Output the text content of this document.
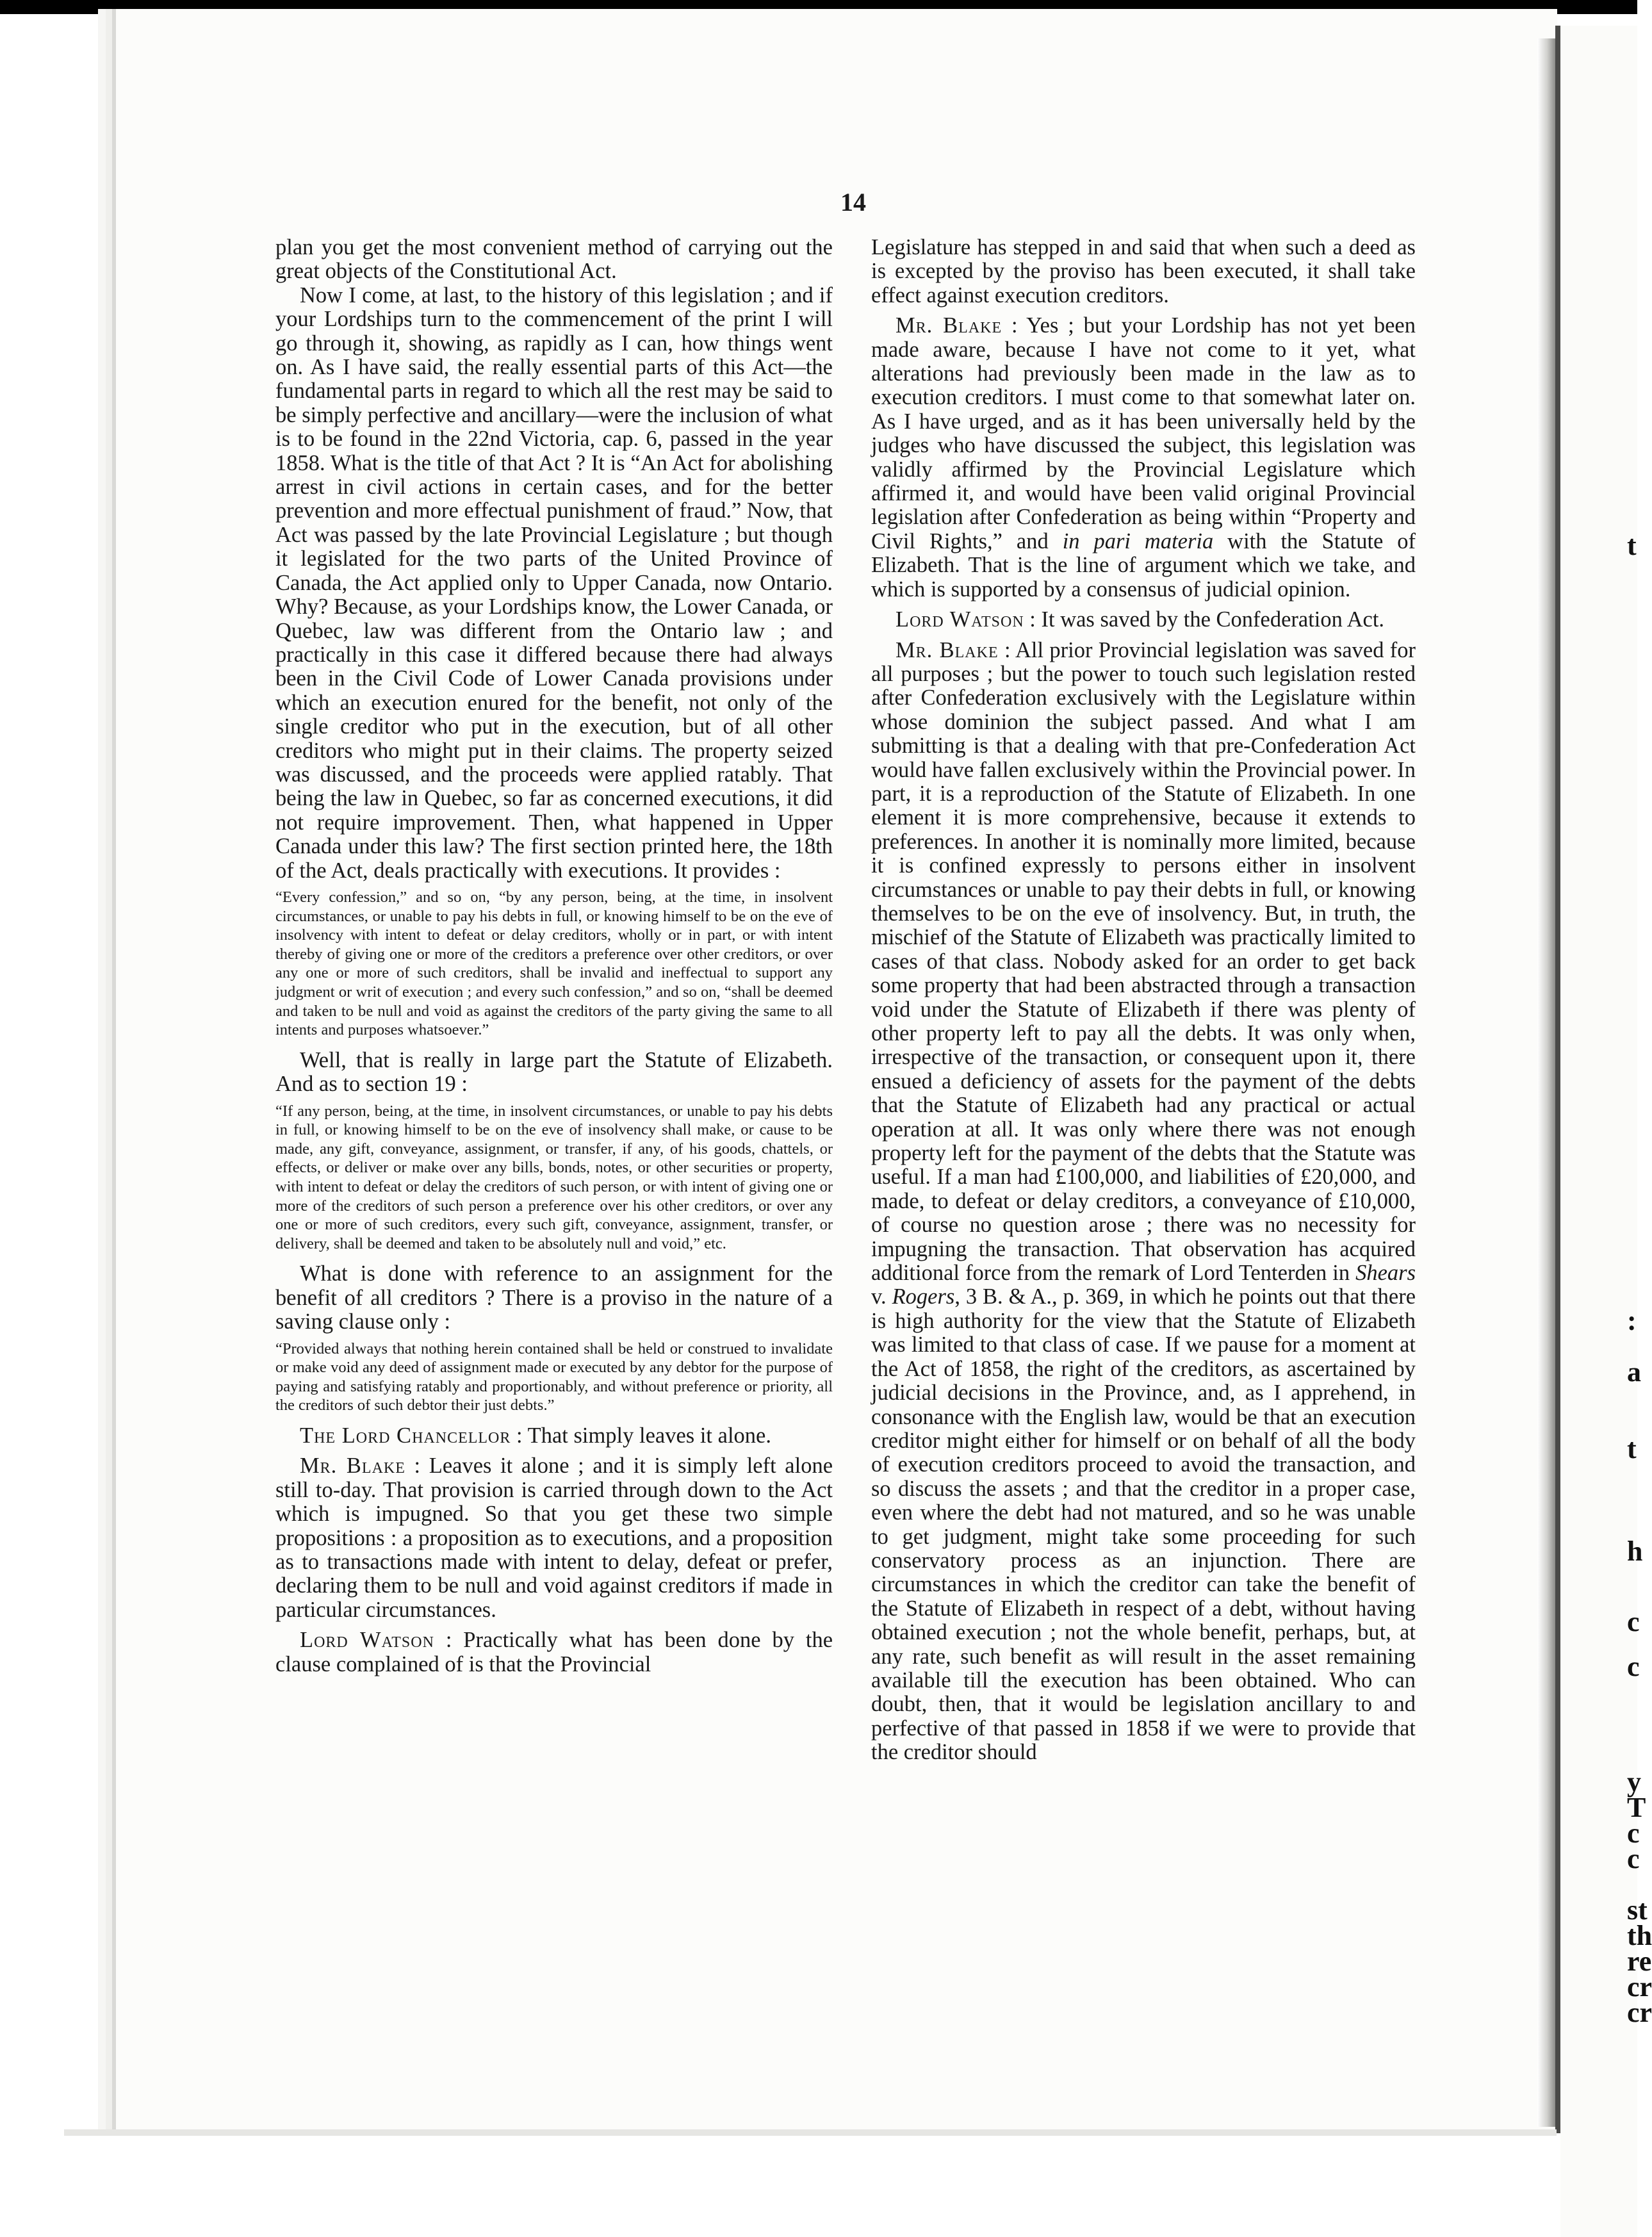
t
:
a
t
h
c
c
y
T
c
c
st
th
re
cr
cr
14

plan you get the most convenient method of carrying out the great objects of the Constitutional Act.

Now I come, at last, to the history of this legislation ; and if your Lordships turn to the commencement of the print I will go through it, showing, as rapidly as I can, how things went on. As I have said, the really essential parts of this Act—the fundamental parts in regard to which all the rest may be said to be simply perfective and ancillary—were the inclusion of what is to be found in the 22nd Victoria, cap. 6, passed in the year 1858. What is the title of that Act ? It is “An Act for abolishing arrest in civil actions in certain cases, and for the better prevention and more effectual punishment of fraud.” Now, that Act was passed by the late Provincial Legislature ; but though it legislated for the two parts of the United Province of Canada, the Act applied only to Upper Canada, now Ontario. Why? Because, as your Lordships know, the Lower Canada, or Quebec, law was different from the Ontario law ; and practically in this case it differed because there had always been in the Civil Code of Lower Canada provisions under which an execution enured for the benefit, not only of the single creditor who put in the execution, but of all other creditors who might put in their claims. The property seized was discussed, and the proceeds were applied ratably. That being the law in Quebec, so far as concerned executions, it did not require improvement. Then, what happened in Upper Canada under this law? The first section printed here, the 18th of the Act, deals practically with executions. It provides :

“Every confession,” and so on, “by any person, being, at the time, in insolvent circumstances, or unable to pay his debts in full, or knowing himself to be on the eve of insolvency with intent to defeat or delay creditors, wholly or in part, or with intent thereby of giving one or more of the creditors a preference over other creditors, or over any one or more of such creditors, shall be invalid and ineffectual to support any judgment or writ of execution ; and every such confession,” and so on, “shall be deemed and taken to be null and void as against the creditors of the party giving the same to all intents and purposes whatsoever.”

Well, that is really in large part the Statute of Elizabeth. And as to section 19 :

“If any person, being, at the time, in insolvent circumstances, or unable to pay his debts in full, or knowing himself to be on the eve of insolvency shall make, or cause to be made, any gift, conveyance, assignment, or transfer, if any, of his goods, chattels, or effects, or deliver or make over any bills, bonds, notes, or other securities or property, with intent to defeat or delay the creditors of such person, or with intent of giving one or more of the creditors of such person a preference over his other creditors, or over any one or more of such creditors, every such gift, conveyance, assignment, transfer, or delivery, shall be deemed and taken to be absolutely null and void,” etc.

What is done with reference to an assignment for the benefit of all creditors ? There is a proviso in the nature of a saving clause only :

“Provided always that nothing herein contained shall be held or construed to invalidate or make void any deed of assignment made or executed by any debtor for the purpose of paying and satisfying ratably and proportionably, and without preference or priority, all the creditors of such debtor their just debts.”

The Lord Chancellor : That simply leaves it alone.

Mr. Blake : Leaves it alone ; and it is simply left alone still to-day. That provision is carried through down to the Act which is impugned. So that you get these two simple propositions : a proposition as to executions, and a proposition as to transactions made with intent to delay, defeat or prefer, declaring them to be null and void against creditors if made in particular circumstances.

Lord Watson : Practically what has been done by the clause complained of is that the Provincial

Legislature has stepped in and said that when such a deed as is excepted by the proviso has been executed, it shall take effect against execution creditors.

Mr. Blake : Yes ; but your Lordship has not yet been made aware, because I have not come to it yet, what alterations had previously been made in the law as to execution creditors. I must come to that somewhat later on. As I have urged, and as it has been universally held by the judges who have discussed the subject, this legislation was validly affirmed by the Provincial Legislature which affirmed it, and would have been valid original Provincial legislation after Confederation as being within “Property and Civil Rights,” and in pari materia with the Statute of Elizabeth. That is the line of argument which we take, and which is supported by a consensus of judicial opinion.

Lord Watson : It was saved by the Confederation Act.

Mr. Blake : All prior Provincial legislation was saved for all purposes ; but the power to touch such legislation rested after Confederation exclusively with the Legislature within whose dominion the subject passed. And what I am submitting is that a dealing with that pre-Confederation Act would have fallen exclusively within the Provincial power. In part, it is a reproduction of the Statute of Elizabeth. In one element it is more comprehensive, because it extends to preferences. In another it is nominally more limited, because it is confined expressly to persons either in insolvent circumstances or unable to pay their debts in full, or knowing themselves to be on the eve of insolvency. But, in truth, the mischief of the Statute of Elizabeth was practically limited to cases of that class. Nobody asked for an order to get back some property that had been abstracted through a transaction void under the Statute of Elizabeth if there was plenty of other property left to pay all the debts. It was only when, irrespective of the transaction, or consequent upon it, there ensued a deficiency of assets for the payment of the debts that the Statute of Elizabeth had any practical or actual operation at all. It was only where there was not enough property left for the payment of the debts that the Statute was useful. If a man had £100,000, and liabilities of £20,000, and made, to defeat or delay creditors, a conveyance of £10,000, of course no question arose ; there was no necessity for impugning the transaction. That observation has acquired additional force from the remark of Lord Tenterden in Shears v. Rogers, 3 B. & A., p. 369, in which he points out that there is high authority for the view that the Statute of Elizabeth was limited to that class of case. If we pause for a moment at the Act of 1858, the right of the creditors, as ascertained by judicial decisions in the Province, and, as I apprehend, in consonance with the English law, would be that an execution creditor might either for himself or on behalf of all the body of execution creditors proceed to avoid the transaction, and so discuss the assets ; and that the creditor in a proper case, even where the debt had not matured, and so he was unable to get judgment, might take some proceeding for such conservatory process as an injunction. There are circumstances in which the creditor can take the benefit of the Statute of Elizabeth in respect of a debt, without having obtained execution ; not the whole benefit, perhaps, but, at any rate, such benefit as will result in the asset remaining available till the execution has been obtained. Who can doubt, then, that it would be legislation ancillary to and perfective of that passed in 1858 if we were to provide that the creditor should
